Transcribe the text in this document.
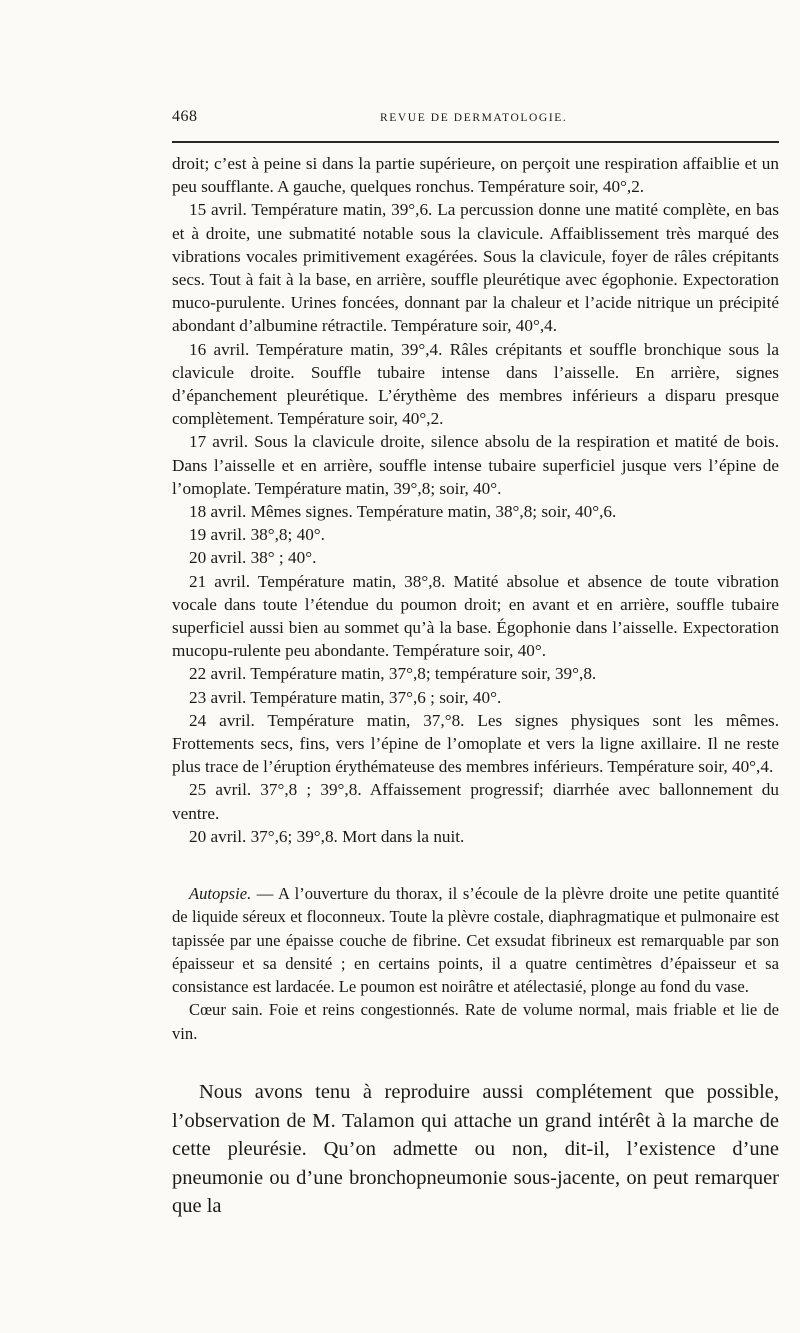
468	REVUE DE DERMATOLOGIE.

droit; c’est à peine si dans la partie supérieure, on perçoit une respiration affaiblie et un peu soufflante. A gauche, quelques ronchus. Température soir, 40°,2.

15 avril. Température matin, 39°,6. La percussion donne une matité complète, en bas et à droite, une submatité notable sous la clavicule. Affaiblissement très marqué des vibrations vocales primitivement exagérées. Sous la clavicule, foyer de râles crépitants secs. Tout à fait à la base, en arrière, souffle pleurétique avec égophonie. Expectoration muco-purulente. Urines foncées, donnant par la chaleur et l’acide nitrique un précipité abondant d’albumine rétractile. Température soir, 40°,4.

16 avril. Température matin, 39°,4. Râles crépitants et souffle bronchique sous la clavicule droite. Souffle tubaire intense dans l’aisselle. En arrière, signes d’épanchement pleurétique. L’érythème des membres inférieurs a disparu presque complètement. Température soir, 40°,2.

17 avril. Sous la clavicule droite, silence absolu de la respiration et matité de bois. Dans l’aisselle et en arrière, souffle intense tubaire superficiel jusque vers l’épine de l’omoplate. Température matin, 39°,8; soir, 40°.

18 avril. Mêmes signes. Température matin, 38°,8; soir, 40°,6.

19 avril. 38°,8; 40°.

20 avril. 38° ; 40°.

21 avril. Température matin, 38°,8. Matité absolue et absence de toute vibration vocale dans toute l’étendue du poumon droit; en avant et en arrière, souffle tubaire superficiel aussi bien au sommet qu’à la base. Égophonie dans l’aisselle. Expectoration mucopu-rulente peu abondante. Température soir, 40°.

22 avril. Température matin, 37°,8; température soir, 39°,8.

23 avril. Température matin, 37°,6 ; soir, 40°.

24 avril. Température matin, 37,°8. Les signes physiques sont les mêmes. Frottements secs, fins, vers l’épine de l’omoplate et vers la ligne axillaire. Il ne reste plus trace de l’éruption érythémateuse des membres inférieurs. Température soir, 40°,4.

25 avril. 37°,8 ; 39°,8. Affaissement progressif; diarrhée avec ballonnement du ventre.

20 avril. 37°,6; 39°,8. Mort dans la nuit.

Autopsie. — A l’ouverture du thorax, il s’écoule de la plèvre droite une petite quantité de liquide séreux et floconneux. Toute la plèvre costale, diaphragmatique et pulmonaire est tapissée par une épaisse couche de fibrine. Cet exsudat fibrineux est remarquable par son épaisseur et sa densité ; en certains points, il a quatre centimètres d’épaisseur et sa consistance est lardacée. Le poumon est noirâtre et atélectasié, plonge au fond du vase.

Cœur sain. Foie et reins congestionnés. Rate de volume normal, mais friable et lie de vin.

Nous avons tenu à reproduire aussi complétement que possible, l’observation de M. Talamon qui attache un grand intérêt à la marche de cette pleurésie. Qu’on admette ou non, dit-il, l’existence d’une pneumonie ou d’une bronchopneumonie sous-jacente, on peut remarquer que la
